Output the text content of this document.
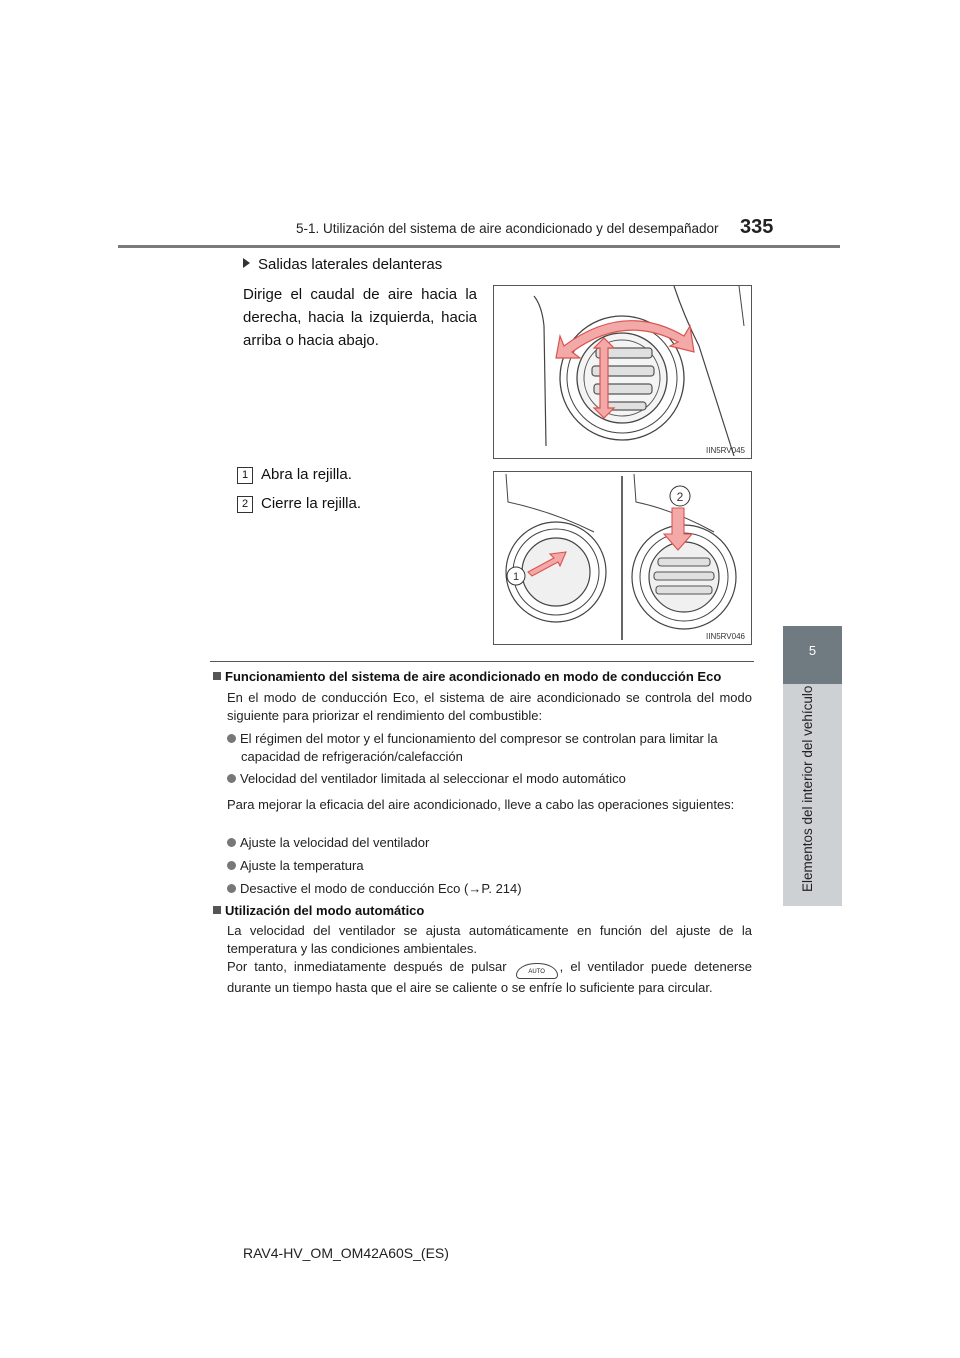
5-1. Utilización del sistema de aire acondicionado y del desempañador 335
5
Elementos del interior del vehículo
Salidas laterales delanteras
Dirige el caudal de aire hacia la derecha, hacia la izquierda, hacia arriba o hacia abajo.
IIN5RV045
1 Abra la rejilla.
2 Cierre la rejilla.
1
2
IIN5RV046
Funcionamiento del sistema de aire acondicionado en modo de conducción Eco
En el modo de conducción Eco, el sistema de aire acondicionado se controla del modo siguiente para priorizar el rendimiento del combustible:
El régimen del motor y el funcionamiento del compresor se controlan para limitar la capacidad de refrigeración/calefacción
Velocidad del ventilador limitada al seleccionar el modo automático
Para mejorar la eficacia del aire acondicionado, lleve a cabo las operaciones siguientes:
Ajuste la velocidad del ventilador
Ajuste la temperatura
Desactive el modo de conducción Eco (→P. 214)
Utilización del modo automático
La velocidad del ventilador se ajusta automáticamente en función del ajuste de la temperatura y las condiciones ambientales.
Por tanto, inmediatamente después de pulsar	AUTO , el ventilador puede detenerse durante un tiempo hasta que el aire se caliente o se enfríe lo suficiente para circular.
RAV4-HV_OM_OM42A60S_(ES)
